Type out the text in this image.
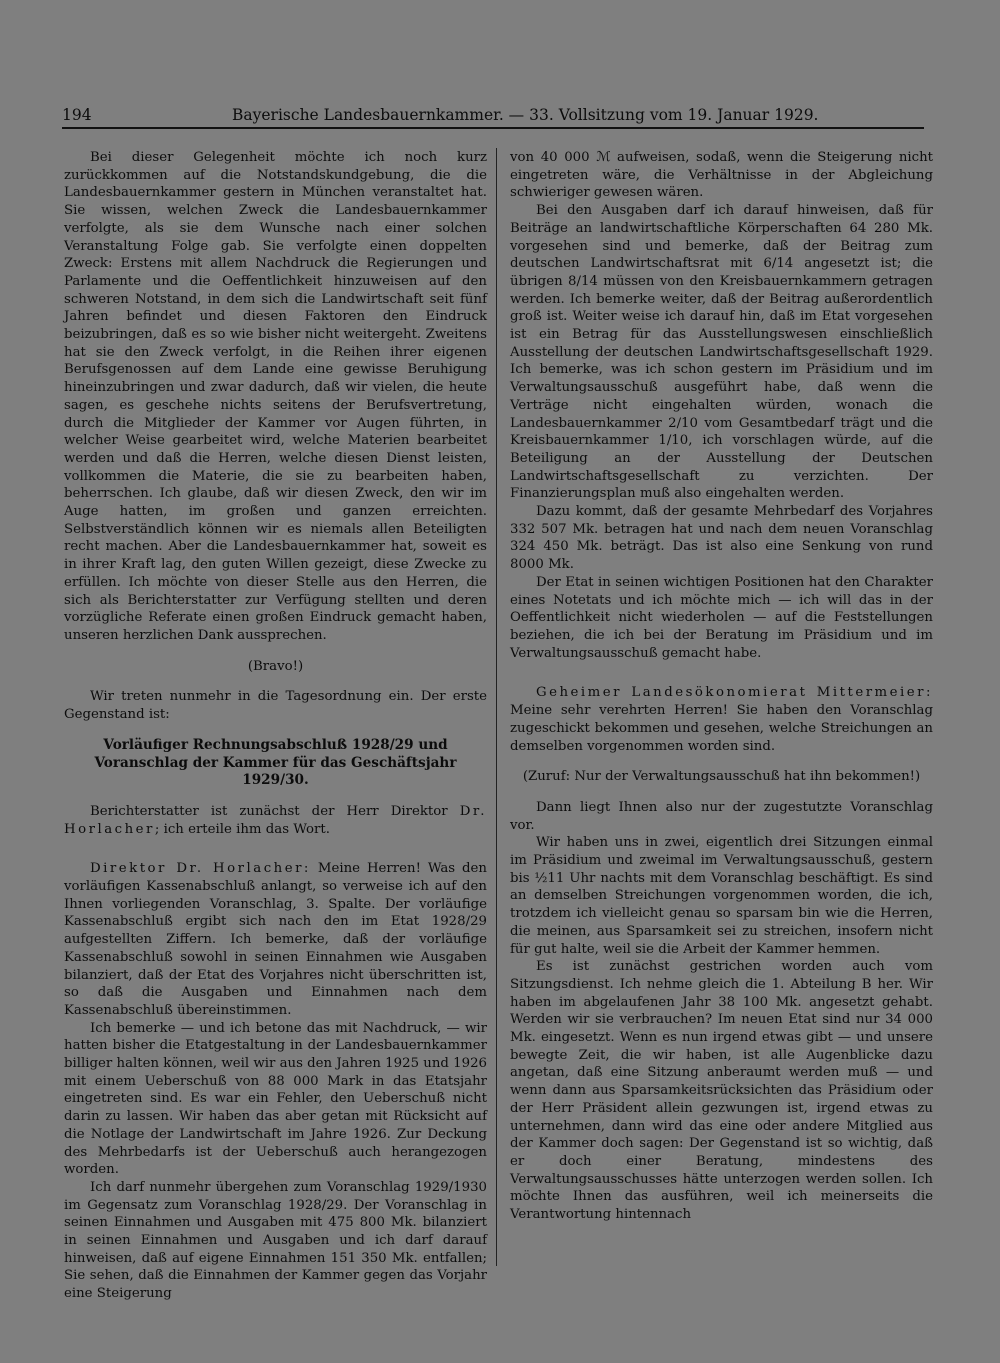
194	Bayerische Landesbauernkammer. — 33. Vollsitzung vom 19. Januar 1929.

Bei dieser Gelegenheit möchte ich noch kurz zurückkommen auf die Notstandskundgebung, die die Landesbauernkammer gestern in München veranstaltet hat. Sie wissen, welchen Zweck die Landesbauernkammer verfolgte, als sie dem Wunsche nach einer solchen Veranstaltung Folge gab. Sie verfolgte einen doppelten Zweck: Erstens mit allem Nachdruck die Regierungen und Parlamente und die Oeffentlichkeit hinzuweisen auf den schweren Notstand, in dem sich die Landwirtschaft seit fünf Jahren befindet und diesen Faktoren den Eindruck beizubringen, daß es so wie bisher nicht weitergeht. Zweitens hat sie den Zweck verfolgt, in die Reihen ihrer eigenen Berufsgenossen auf dem Lande eine gewisse Beruhigung hineinzubringen und zwar dadurch, daß wir vielen, die heute sagen, es geschehe nichts seitens der Berufsvertretung, durch die Mitglieder der Kammer vor Augen führten, in welcher Weise gearbeitet wird, welche Materien bearbeitet werden und daß die Herren, welche diesen Dienst leisten, vollkommen die Materie, die sie zu bearbeiten haben, beherrschen. Ich glaube, daß wir diesen Zweck, den wir im Auge hatten, im großen und ganzen erreichten. Selbstverständlich können wir es niemals allen Beteiligten recht machen. Aber die Landesbauernkammer hat, soweit es in ihrer Kraft lag, den guten Willen gezeigt, diese Zwecke zu erfüllen. Ich möchte von dieser Stelle aus den Herren, die sich als Berichterstatter zur Verfügung stellten und deren vorzügliche Referate einen großen Eindruck gemacht haben, unseren herzlichen Dank aussprechen.

(Bravo!)

Wir treten nunmehr in die Tagesordnung ein. Der erste Gegenstand ist:

Vorläufiger Rechnungsabschluß 1928/29 und Voranschlag der Kammer für das Geschäftsjahr 1929/30.

Berichterstatter ist zunächst der Herr Direktor Dr. Horlacher; ich erteile ihm das Wort.

Direktor Dr. Horlacher: Meine Herren! Was den vorläufigen Kassenabschluß anlangt, so verweise ich auf den Ihnen vorliegenden Voranschlag, 3. Spalte. Der vorläufige Kassenabschluß ergibt sich nach den im Etat 1928/29 aufgestellten Ziffern. Ich bemerke, daß der vorläufige Kassenabschluß sowohl in seinen Einnahmen wie Ausgaben bilanziert, daß der Etat des Vorjahres nicht überschritten ist, so daß die Ausgaben und Einnahmen nach dem Kassenabschluß übereinstimmen.

Ich bemerke — und ich betone das mit Nachdruck, — wir hatten bisher die Etatgestaltung in der Landesbauernkammer billiger halten können, weil wir aus den Jahren 1925 und 1926 mit einem Ueberschuß von 88 000 Mark in das Etatsjahr eingetreten sind. Es war ein Fehler, den Ueberschuß nicht darin zu lassen. Wir haben das aber getan mit Rücksicht auf die Notlage der Landwirtschaft im Jahre 1926. Zur Deckung des Mehrbedarfs ist der Ueberschuß auch herangezogen worden.

Ich darf nunmehr übergehen zum Voranschlag 1929/1930 im Gegensatz zum Voranschlag 1928/29. Der Voranschlag in seinen Einnahmen und Ausgaben mit 475 800 Mk. bilanziert in seinen Einnahmen und Ausgaben und ich darf darauf hinweisen, daß auf eigene Einnahmen 151 350 Mk. entfallen; Sie sehen, daß die Einnahmen der Kammer gegen das Vorjahr eine Steigerung

von 40 000 ℳ aufweisen, sodaß, wenn die Steigerung nicht eingetreten wäre, die Verhältnisse in der Abgleichung schwieriger gewesen wären.

Bei den Ausgaben darf ich darauf hinweisen, daß für Beiträge an landwirtschaftliche Körperschaften 64 280 Mk. vorgesehen sind und bemerke, daß der Beitrag zum deutschen Landwirtschaftsrat mit 6/14 angesetzt ist; die übrigen 8/14 müssen von den Kreisbauernkammern getragen werden. Ich bemerke weiter, daß der Beitrag außerordentlich groß ist. Weiter weise ich darauf hin, daß im Etat vorgesehen ist ein Betrag für das Ausstellungswesen einschließlich Ausstellung der deutschen Landwirtschaftsgesellschaft 1929. Ich bemerke, was ich schon gestern im Präsidium und im Verwaltungsausschuß ausgeführt habe, daß wenn die Verträge nicht eingehalten würden, wonach die Landesbauernkammer 2/10 vom Gesamtbedarf trägt und die Kreisbauernkammer 1/10, ich vorschlagen würde, auf die Beteiligung an der Ausstellung der Deutschen Landwirtschaftsgesellschaft zu verzichten. Der Finanzierungsplan muß also eingehalten werden.

Dazu kommt, daß der gesamte Mehrbedarf des Vorjahres 332 507 Mk. betragen hat und nach dem neuen Voranschlag 324 450 Mk. beträgt. Das ist also eine Senkung von rund 8000 Mk.

Der Etat in seinen wichtigen Positionen hat den Charakter eines Notetats und ich möchte mich — ich will das in der Oeffentlichkeit nicht wiederholen — auf die Feststellungen beziehen, die ich bei der Beratung im Präsidium und im Verwaltungsausschuß gemacht habe.

Geheimer Landesökonomierat Mittermeier: Meine sehr verehrten Herren! Sie haben den Voranschlag zugeschickt bekommen und gesehen, welche Streichungen an demselben vorgenommen worden sind.

(Zuruf: Nur der Verwaltungsausschuß hat ihn bekommen!)

Dann liegt Ihnen also nur der zugestutzte Voranschlag vor.

Wir haben uns in zwei, eigentlich drei Sitzungen einmal im Präsidium und zweimal im Verwaltungsausschuß, gestern bis ½11 Uhr nachts mit dem Voranschlag beschäftigt. Es sind an demselben Streichungen vorgenommen worden, die ich, trotzdem ich vielleicht genau so sparsam bin wie die Herren, die meinen, aus Sparsamkeit sei zu streichen, insofern nicht für gut halte, weil sie die Arbeit der Kammer hemmen.

Es ist zunächst gestrichen worden auch vom Sitzungsdienst. Ich nehme gleich die 1. Abteilung B her. Wir haben im abgelaufenen Jahr 38 100 Mk. angesetzt gehabt. Werden wir sie verbrauchen? Im neuen Etat sind nur 34 000 Mk. eingesetzt. Wenn es nun irgend etwas gibt — und unsere bewegte Zeit, die wir haben, ist alle Augenblicke dazu angetan, daß eine Sitzung anberaumt werden muß — und wenn dann aus Sparsamkeitsrücksichten das Präsidium oder der Herr Präsident allein gezwungen ist, irgend etwas zu unternehmen, dann wird das eine oder andere Mitglied aus der Kammer doch sagen: Der Gegenstand ist so wichtig, daß er doch einer Beratung, mindestens des Verwaltungsausschusses hätte unterzogen werden sollen. Ich möchte Ihnen das ausführen, weil ich meinerseits die Verantwortung hintennach
